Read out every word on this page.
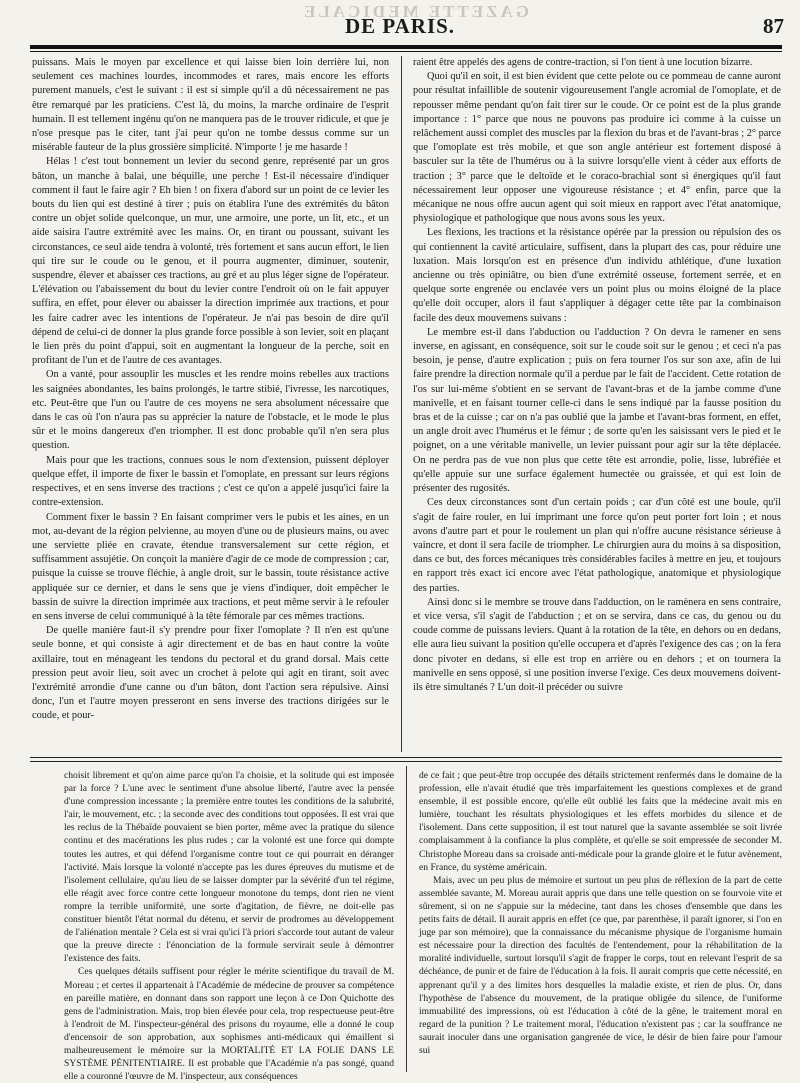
GAZETTE MEDICALE
DE PARIS.	87

puissans. Mais le moyen par excellence et qui laisse bien loin derrière lui, non seulement ces machines lourdes, incommodes et rares, mais encore les efforts purement manuels, c'est le suivant : il est si simple qu'il a dû nécessairement ne pas être remarqué par les praticiens. C'est là, du moins, la marche ordinaire de l'esprit humain. Il est tellement ingénu qu'on ne manquera pas de le trouver ridicule, et que je n'ose presque pas le citer, tant j'ai peur qu'on ne tombe dessus comme sur un misérable fauteur de la plus grossière simplicité. N'importe ! je me hasarde !

Hélas ! c'est tout bonnement un levier du second genre, représenté par un gros bâton, un manche à balai, une béquille, une perche ! Est-il nécessaire d'indiquer comment il faut le faire agir ? Eh bien ! on fixera d'abord sur un point de ce levier les bouts du lien qui est destiné à tirer ; puis on établira l'une des extrémités du bâton contre un objet solide quelconque, un mur, une armoire, une porte, un lit, etc., et un aide saisira l'autre extrémité avec les mains. Or, en tirant ou poussant, suivant les circonstances, ce seul aide tendra à volonté, très fortement et sans aucun effort, le lien qui tire sur le coude ou le genou, et il pourra augmenter, diminuer, soutenir, suspendre, élever et abaisser ces tractions, au gré et au plus léger signe de l'opérateur. L'élévation ou l'abaissement du bout du levier contre l'endroit où on le fait appuyer suffira, en effet, pour élever ou abaisser la direction imprimée aux tractions, et pour les faire cadrer avec les intentions de l'opérateur. Je n'ai pas besoin de dire qu'il dépend de celui-ci de donner la plus grande force possible à son levier, soit en plaçant le lien près du point d'appui, soit en augmentant la longueur de la perche, soit en profitant de l'un et de l'autre de ces avantages.

On a vanté, pour assouplir les muscles et les rendre moins rebelles aux tractions les saignées abondantes, les bains prolongés, le tartre stibié, l'ivresse, les narcotiques, etc. Peut-être que l'un ou l'autre de ces moyens ne sera absolument nécessaire que dans le cas où l'on n'aura pas su apprécier la nature de l'obstacle, et le mode le plus sûr et le moins dangereux d'en triompher. Il est donc probable qu'il n'en sera plus question.

Mais pour que les tractions, connues sous le nom d'extension, puissent déployer quelque effet, il importe de fixer le bassin et l'omoplate, en pressant sur leurs régions respectives, et en sens inverse des tractions ; c'est ce qu'on a appelé jusqu'ici faire la contre-extension.

Comment fixer le bassin ? En faisant comprimer vers le pubis et les aines, en un mot, au-devant de la région pelvienne, au moyen d'une ou de plusieurs mains, ou avec une serviette pliée en cravate, étendue transversalement sur cette région, et suffisamment assujétie. On conçoit la manière d'agir de ce mode de compression ; car, puisque la cuisse se trouve fléchie, à angle droit, sur le bassin, toute résistance active appliquée sur ce dernier, et dans le sens que je viens d'indiquer, doit empêcher le bassin de suivre la direction imprimée aux tractions, et peut même servir à le refouler en sens inverse de celui communiqué à la tête fémorale par ces mêmes tractions.

De quelle manière faut-il s'y prendre pour fixer l'omoplate ? Il n'en est qu'une seule bonne, et qui consiste à agir directement et de bas en haut contre la voûte axillaire, tout en ménageant les tendons du pectoral et du grand dorsal. Mais cette pression peut avoir lieu, soit avec un crochet à pelote qui agit en tirant, soit avec l'extrémité arrondie d'une canne ou d'un bâton, dont l'action sera répulsive. Ainsi donc, l'un et l'autre moyen presseront en sens inverse des tractions dirigées sur le coude, et pour-

raient être appelés des agens de contre-traction, si l'on tient à une locution bizarre.

Quoi qu'il en soit, il est bien évident que cette pelote ou ce pommeau de canne auront pour résultat infaillible de soutenir vigoureusement l'angle acromial de l'omoplate, et de repousser même pendant qu'on fait tirer sur le coude. Or ce point est de la plus grande importance : 1° parce que nous ne pouvons pas produire ici comme à la cuisse un relâchement aussi complet des muscles par la flexion du bras et de l'avant-bras ; 2° parce que l'omoplate est très mobile, et que son angle antérieur est fortement disposé à basculer sur la tête de l'humérus ou à la suivre lorsqu'elle vient à céder aux efforts de traction ; 3° parce que le deltoïde et le coraco-brachial sont si énergiques qu'il faut nécessairement leur opposer une vigoureuse résistance ; et 4° enfin, parce que la mécanique ne nous offre aucun agent qui soit mieux en rapport avec l'état anatomique, physiologique et pathologique que nous avons sous les yeux.

Les flexions, les tractions et la résistance opérée par la pression ou répulsion des os qui contiennent la cavité articulaire, suffisent, dans la plupart des cas, pour réduire une luxation. Mais lorsqu'on est en présence d'un individu athlétique, d'une luxation ancienne ou très opiniâtre, ou bien d'une extrémité osseuse, fortement serrée, et en quelque sorte engrenée ou enclavée vers un point plus ou moins éloigné de la place qu'elle doit occuper, alors il faut s'appliquer à dégager cette tête par la combinaison facile des deux mouvemens suivans :

Le membre est-il dans l'abduction ou l'adduction ? On devra le ramener en sens inverse, en agissant, en conséquence, soit sur le coude soit sur le genou ; et ceci n'a pas besoin, je pense, d'autre explication ; puis on fera tourner l'os sur son axe, afin de lui faire prendre la direction normale qu'il a perdue par le fait de l'accident. Cette rotation de l'os sur lui-même s'obtient en se servant de l'avant-bras et de la jambe comme d'une manivelle, et en faisant tourner celle-ci dans le sens indiqué par la fausse position du bras et de la cuisse ; car on n'a pas oublié que la jambe et l'avant-bras forment, en effet, un angle droit avec l'humérus et le fémur ; de sorte qu'en les saisissant vers le pied et le poignet, on a une véritable manivelle, un levier puissant pour agir sur la tête déplacée. On ne perdra pas de vue non plus que cette tête est arrondie, polie, lisse, lubréfiée et qu'elle appuie sur une surface également humectée ou graissée, et qui est loin de présenter des rugosités.

Ces deux circonstances sont d'un certain poids ; car d'un côté est une boule, qu'il s'agit de faire rouler, en lui imprimant une force qu'on peut porter fort loin ; et nous avons d'autre part et pour le roulement un plan qui n'offre aucune résistance sérieuse à vaincre, et dont il sera facile de triompher. Le chirurgien aura du moins à sa disposition, dans ce but, des forces mécaniques très considérables faciles à mettre en jeu, et toujours en rapport très exact ici encore avec l'état pathologique, anatomique et physiologique des parties.

Ainsi donc si le membre se trouve dans l'adduction, on le ramènera en sens contraire, et vice versa, s'il s'agit de l'abduction ; et on se servira, dans ce cas, du genou ou du coude comme de puissans leviers. Quant à la rotation de la tête, en dehors ou en dedans, elle aura lieu suivant la position qu'elle occupera et d'après l'exigence des cas ; on la fera donc pivoter en dedans, si elle est trop en arrière ou en dehors ; et on tournera la manivelle en sens opposé, si une position inverse l'exige. Ces deux mouvemens doivent-ils être simultanés ? L'un doit-il précéder ou suivre

choisit librement et qu'on aime parce qu'on l'a choisie, et la solitude qui est imposée par la force ? L'une avec le sentiment d'une absolue liberté, l'autre avec la pensée d'une compression incessante ; la première entre toutes les conditions de la salubrité, l'air, le mouvement, etc. ; la seconde avec des conditions tout opposées. Il est vrai que les reclus de la Thébaïde pouvaient se bien porter, même avec la pratique du silence continu et des macérations les plus rudes ; car la volonté est une force qui dompte toutes les autres, et qui défend l'organisme contre tout ce qui pourrait en déranger l'activité. Mais lorsque la volonté n'accepte pas les dures épreuves du mutisme et de l'isolement cellulaire, qu'au lieu de se laisser dompter par la sévérité d'un tel régime, elle réagit avec force contre cette longueur monotone du temps, dont rien ne vient rompre la terrible uniformité, une sorte d'agitation, de fièvre, ne doit-elle pas constituer bientôt l'état normal du détenu, et servir de prodromes au développement de l'aliénation mentale ? Cela est si vrai qu'ici l'à priori s'accorde tout autant de valeur que la preuve directe : l'énonciation de la formule servirait seule à démontrer l'existence des faits.

Ces quelques détails suffisent pour régler le mérite scientifique du travail de M. Moreau ; et certes il appartenait à l'Académie de médecine de prouver sa compétence en pareille matière, en donnant dans son rapport une leçon à ce Don Quichotte des gens de l'administration. Mais, trop bien élevée pour cela, trop respectueuse peut-être à l'endroit de M. l'inspecteur-général des prisons du royaume, elle a donné le coup d'encensoir de son approbation, aux sophismes anti-médicaux qui émaillent si malheureusement le mémoire sur la MORTALITÉ ET LA FOLIE DANS LE SYSTÈME PÉNITENTIAIRE. Il est probable que l'Académie n'a pas songé, quand elle a couronné l'œuvre de M. l'inspecteur, aux conséquences

de ce fait ; que peut-être trop occupée des détails strictement renfermés dans le domaine de la profession, elle n'avait étudié que très imparfaitement les questions complexes et de grand ensemble, il est possible encore, qu'elle eût oublié les faits que la médecine avait mis en lumière, touchant les résultats physiologiques et les effets morbides du silence et de l'isolement. Dans cette supposition, il est tout naturel que la savante assemblée se soit livrée complaisamment à la confiance la plus complète, et qu'elle se soit empressée de seconder M. Christophe Moreau dans sa croisade anti-médicale pour la grande gloire et le futur avènement, en France, du système américain.

Mais, avec un peu plus de mémoire et surtout un peu plus de réflexion de la part de cette assemblée savante, M. Moreau aurait appris que dans une telle question on se fourvoie vite et sûrement, si on ne s'appuie sur la médecine, tant dans les choses d'ensemble que dans les petits faits de détail. Il aurait appris en effet (ce que, par parenthèse, il paraît ignorer, si l'on en juge par son mémoire), que la connaissance du mécanisme physique de l'organisme humain est nécessaire pour la direction des facultés de l'entendement, pour la réhabilitation de la moralité individuelle, surtout lorsqu'il s'agit de frapper le corps, tout en relevant l'esprit de sa déchéance, de punir et de faire de l'éducation à la fois. Il aurait compris que cette nécessité, en apprenant qu'il y a des limites hors desquelles la maladie existe, et rien de plus. Or, dans l'hypothèse de l'absence du mouvement, de la pratique obligée du silence, de l'uniforme immuabilité des impressions, où est l'éducation à côté de la gêne, le traitement moral en regard de la punition ? Le traitement moral, l'éducation n'existent pas ; car la souffrance ne saurait inoculer dans une organisation gangrenée de vice, le désir de bien faire pour l'amour sui
